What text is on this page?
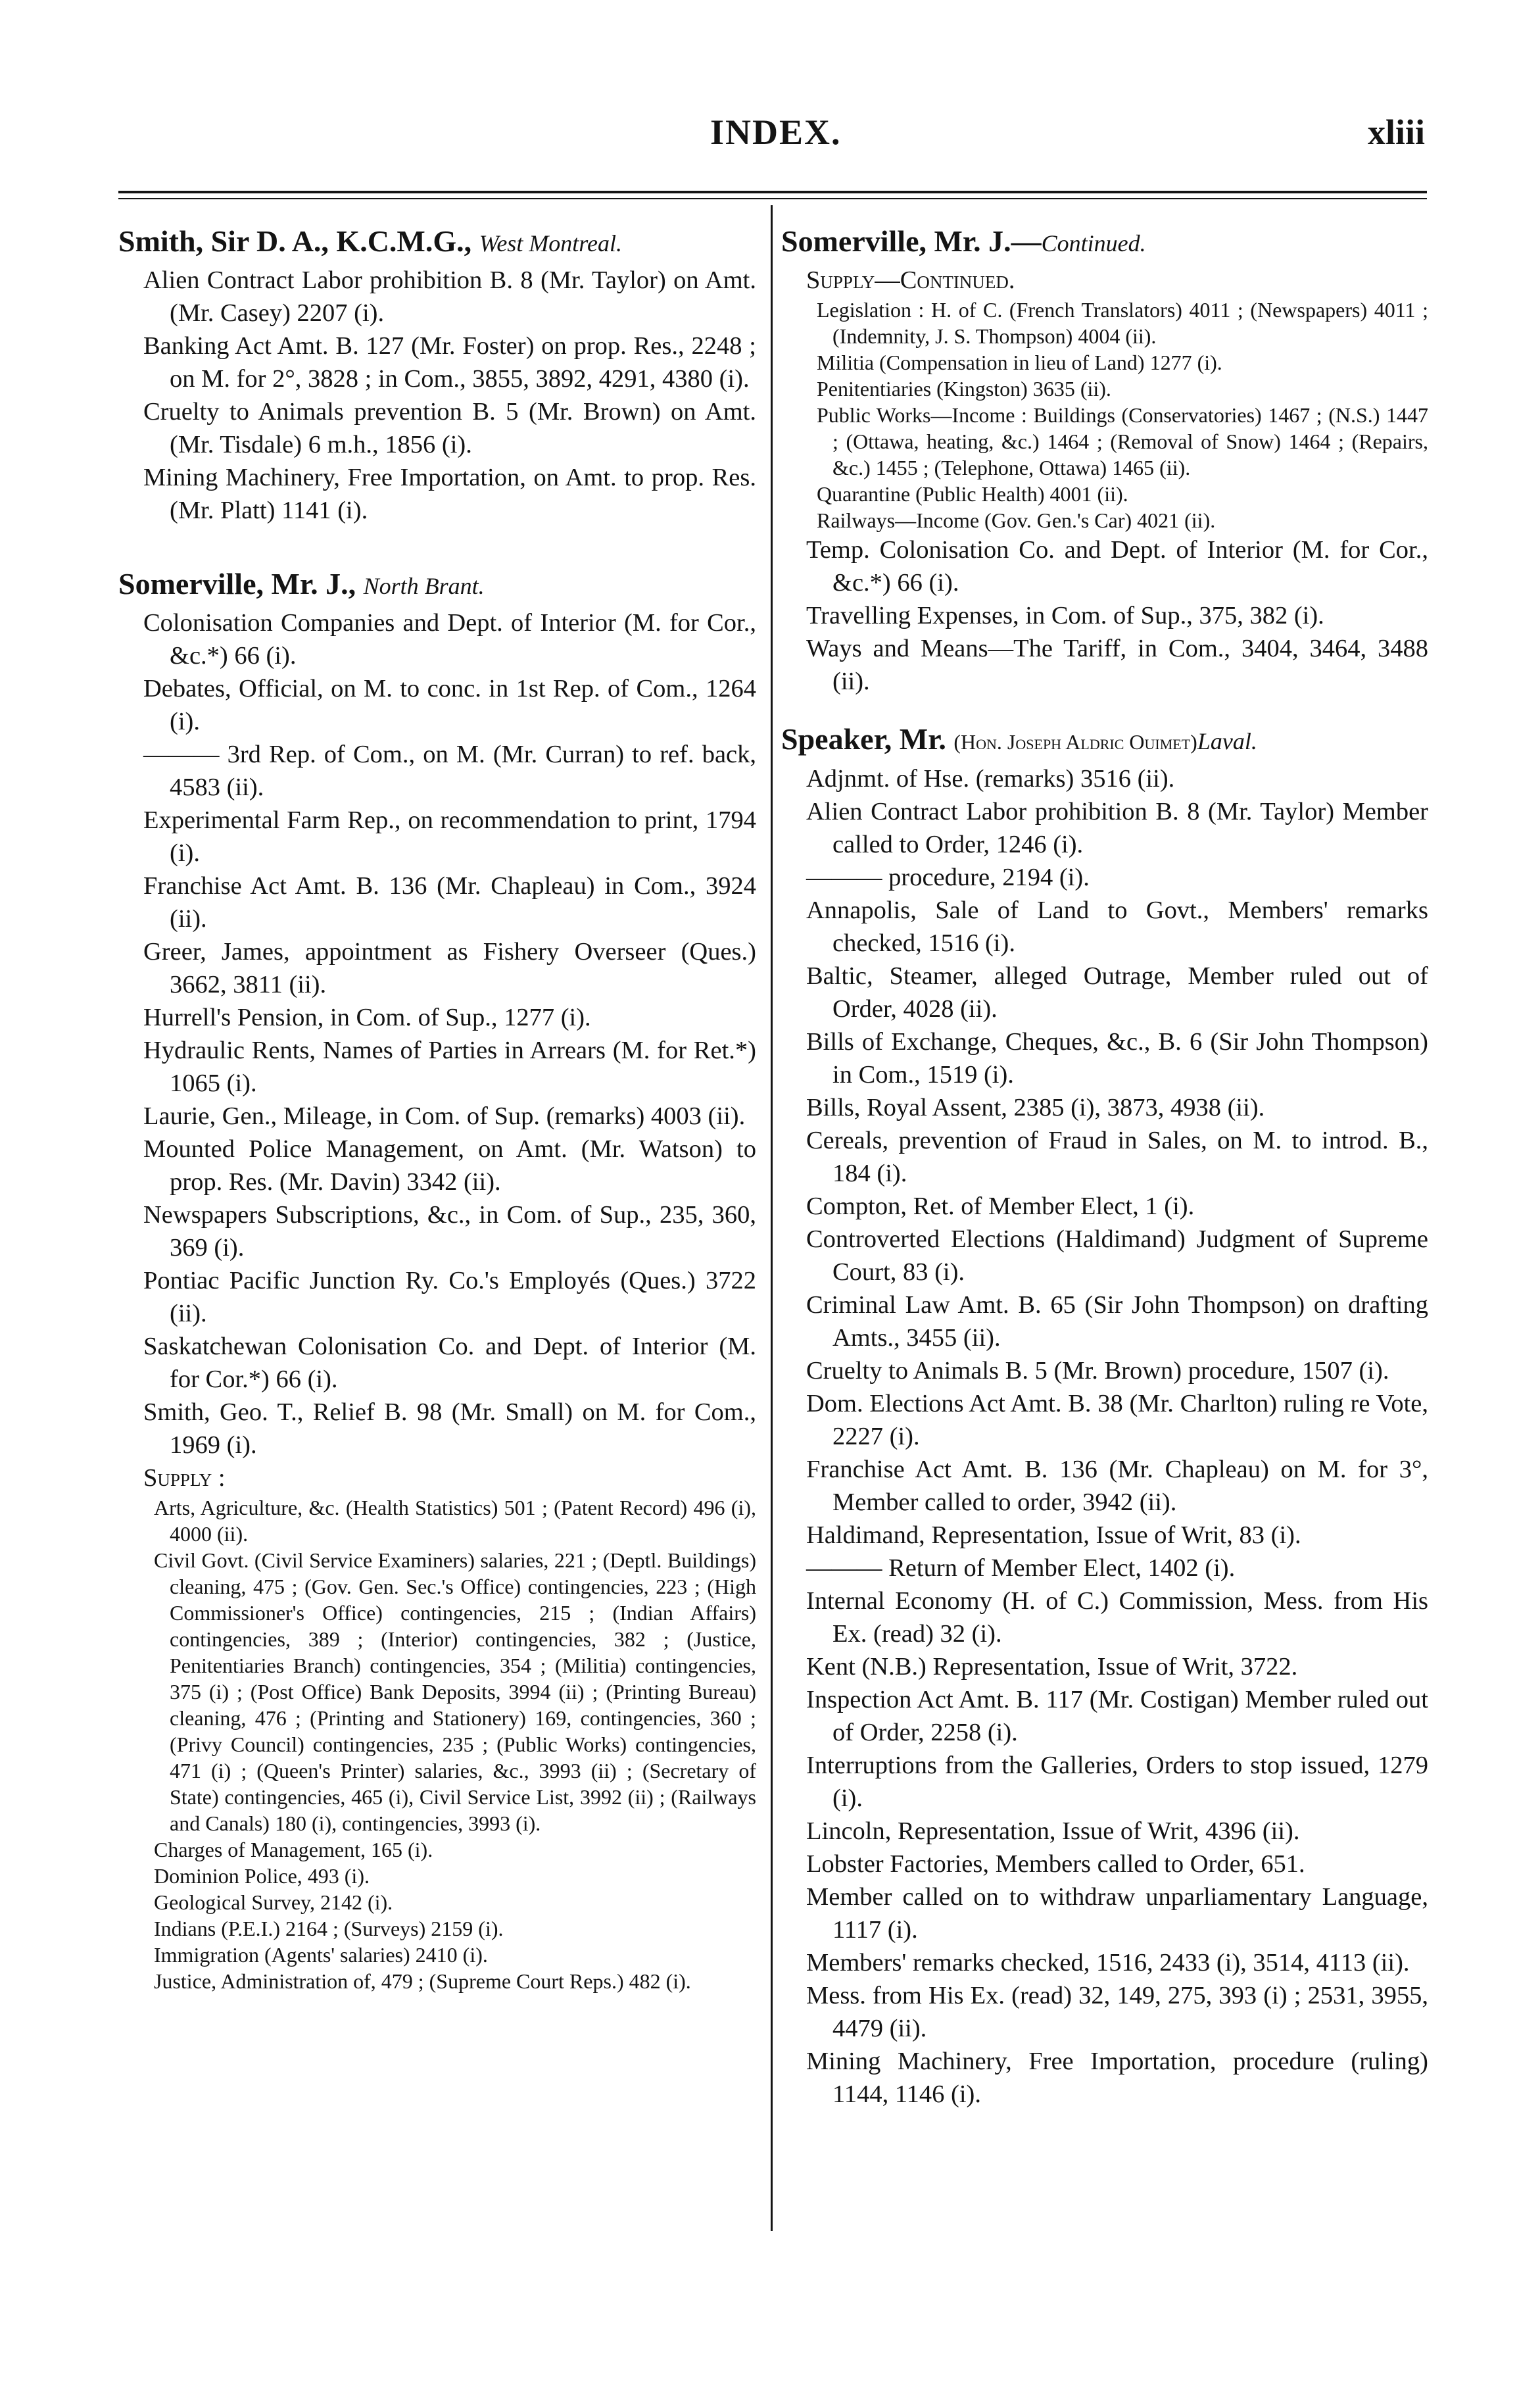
INDEX.	xliii
Smith, Sir D. A., K.C.M.G., West Montreal.
Alien Contract Labor prohibition B. 8 (Mr. Taylor) on Amt. (Mr. Casey) 2207 (i).
Banking Act Amt. B. 127 (Mr. Foster) on prop. Res., 2248 ; on M. for 2°, 3828 ; in Com., 3855, 3892, 4291, 4380 (i).
Cruelty to Animals prevention B. 5 (Mr. Brown) on Amt. (Mr. Tisdale) 6 m.h., 1856 (i).
Mining Machinery, Free Importation, on Amt. to prop. Res. (Mr. Platt) 1141 (i).
Somerville, Mr. J., North Brant.
Colonisation Companies and Dept. of Interior (M. for Cor., &c.*) 66 (i).
Debates, Official, on M. to conc. in 1st Rep. of Com., 1264 (i).
——— 3rd Rep. of Com., on M. (Mr. Curran) to ref. back, 4583 (ii).
Experimental Farm Rep., on recommendation to print, 1794 (i).
Franchise Act Amt. B. 136 (Mr. Chapleau) in Com., 3924 (ii).
Greer, James, appointment as Fishery Overseer (Ques.) 3662, 3811 (ii).
Hurrell's Pension, in Com. of Sup., 1277 (i).
Hydraulic Rents, Names of Parties in Arrears (M. for Ret.*) 1065 (i).
Laurie, Gen., Mileage, in Com. of Sup. (remarks) 4003 (ii).
Mounted Police Management, on Amt. (Mr. Watson) to prop. Res. (Mr. Davin) 3342 (ii).
Newspapers Subscriptions, &c., in Com. of Sup., 235, 360, 369 (i).
Pontiac Pacific Junction Ry. Co.'s Employés (Ques.) 3722 (ii).
Saskatchewan Colonisation Co. and Dept. of Interior (M. for Cor.*) 66 (i).
Smith, Geo. T., Relief B. 98 (Mr. Small) on M. for Com., 1969 (i).
Supply :
Arts, Agriculture, &c. (Health Statistics) 501 ; (Patent Record) 496 (i), 4000 (ii).
Civil Govt. (Civil Service Examiners) salaries, 221 ; (Deptl. Buildings) cleaning, 475 ; (Gov. Gen. Sec.'s Office) contingencies, 223 ; (High Commissioner's Office) contingencies, 215 ; (Indian Affairs) contingencies, 389 ; (Interior) contingencies, 382 ; (Justice, Penitentiaries Branch) contingencies, 354 ; (Militia) contingencies, 375 (i) ; (Post Office) Bank Deposits, 3994 (ii) ; (Printing Bureau) cleaning, 476 ; (Printing and Stationery) 169, contingencies, 360 ; (Privy Council) contingencies, 235 ; (Public Works) contingencies, 471 (i) ; (Queen's Printer) salaries, &c., 3993 (ii) ; (Secretary of State) contingencies, 465 (i), Civil Service List, 3992 (ii) ; (Railways and Canals) 180 (i), contingencies, 3993 (i).
Charges of Management, 165 (i).
Dominion Police, 493 (i).
Geological Survey, 2142 (i).
Indians (P.E.I.) 2164 ; (Surveys) 2159 (i).
Immigration (Agents' salaries) 2410 (i).
Justice, Administration of, 479 ; (Supreme Court Reps.) 482 (i).
Somerville, Mr. J.—Continued.
Supply—Continued.
Legislation : H. of C. (French Translators) 4011 ; (Newspapers) 4011 ; (Indemnity, J. S. Thompson) 4004 (ii).
Militia (Compensation in lieu of Land) 1277 (i).
Penitentiaries (Kingston) 3635 (ii).
Public Works—Income : Buildings (Conservatories) 1467 ; (N.S.) 1447 ; (Ottawa, heating, &c.) 1464 ; (Removal of Snow) 1464 ; (Repairs, &c.) 1455 ; (Telephone, Ottawa) 1465 (ii).
Quarantine (Public Health) 4001 (ii).
Railways—Income (Gov. Gen.'s Car) 4021 (ii).
Temp. Colonisation Co. and Dept. of Interior (M. for Cor., &c.*) 66 (i).
Travelling Expenses, in Com. of Sup., 375, 382 (i).
Ways and Means—The Tariff, in Com., 3404, 3464, 3488 (ii).
Speaker, Mr. (Hon. Joseph Aldric Ouimet)Laval.
Adjnmt. of Hse. (remarks) 3516 (ii).
Alien Contract Labor prohibition B. 8 (Mr. Taylor) Member called to Order, 1246 (i).
——— procedure, 2194 (i).
Annapolis, Sale of Land to Govt., Members' remarks checked, 1516 (i).
Baltic, Steamer, alleged Outrage, Member ruled out of Order, 4028 (ii).
Bills of Exchange, Cheques, &c., B. 6 (Sir John Thompson) in Com., 1519 (i).
Bills, Royal Assent, 2385 (i), 3873, 4938 (ii).
Cereals, prevention of Fraud in Sales, on M. to introd. B., 184 (i).
Compton, Ret. of Member Elect, 1 (i).
Controverted Elections (Haldimand) Judgment of Supreme Court, 83 (i).
Criminal Law Amt. B. 65 (Sir John Thompson) on drafting Amts., 3455 (ii).
Cruelty to Animals B. 5 (Mr. Brown) procedure, 1507 (i).
Dom. Elections Act Amt. B. 38 (Mr. Charlton) ruling re Vote, 2227 (i).
Franchise Act Amt. B. 136 (Mr. Chapleau) on M. for 3°, Member called to order, 3942 (ii).
Haldimand, Representation, Issue of Writ, 83 (i).
——— Return of Member Elect, 1402 (i).
Internal Economy (H. of C.) Commission, Mess. from His Ex. (read) 32 (i).
Kent (N.B.) Representation, Issue of Writ, 3722.
Inspection Act Amt. B. 117 (Mr. Costigan) Member ruled out of Order, 2258 (i).
Interruptions from the Galleries, Orders to stop issued, 1279 (i).
Lincoln, Representation, Issue of Writ, 4396 (ii).
Lobster Factories, Members called to Order, 651.
Member called on to withdraw unparliamentary Language, 1117 (i).
Members' remarks checked, 1516, 2433 (i), 3514, 4113 (ii).
Mess. from His Ex. (read) 32, 149, 275, 393 (i) ; 2531, 3955, 4479 (ii).
Mining Machinery, Free Importation, procedure (ruling) 1144, 1146 (i).
